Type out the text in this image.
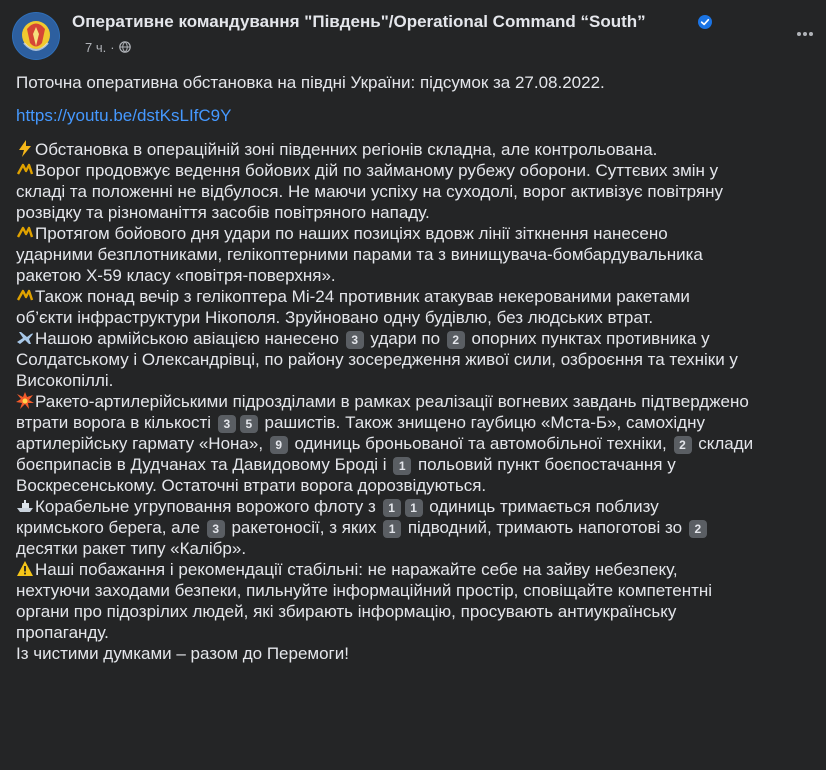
Оперативне командування "Південь"/Operational Command “South”
7 ч. ·

Поточна оперативна обстановка на півдні України: підсумок за 27.08.2022.

https://youtu.be/dstKsLIfC9Y

Обстановка в операційній зоні південних регіонів складна, але контрольована.
Ворог продовжує ведення бойових дій по займаному рубежу оборони. Суттєвих змін у
складі та положенні не відбулося. Не маючи успіху на суходолі, ворог активізує повітряну
розвідку та різноманіття засобів повітряного нападу.
Протягом бойового дня удари по наших позиціях вдовж лінії зіткнення нанесено
ударними безплотниками, гелікоптерними парами та з винищувача-бомбардувальника
ракетою Х-59 класу «повітря-поверхня».
Також понад вечір з гелікоптера Мі-24 противник атакував некерованими ракетами
об’єкти інфраструктури Нікополя. Зруйновано одну будівлю, без людських втрат.
Нашою армійською авіацією нанесено 3 удари по 2 опорних пунктах противника у
Солдатському і Олександрівці, по району зосередження живої сили, озброєння та техніки у
Високопіллі.
Ракето-артилерійськими підрозділами в рамках реалізації вогневих завдань підтверджено
втрати ворога в кількості 3 5 рашистів. Також знищено гаубицю «Мста-Б», самохідну
артилерійську гармату «Нона», 9 одиниць броньованої та автомобільної техніки, 2 склади
боєприпасів в Дудчанах та Давидовому Броді і 1 польовий пункт боєпостачання у
Воскресенському. Остаточні втрати ворога дорозвідуються.
Корабельне угруповання ворожого флоту з 1 1 одиниць тримається поблизу
кримського берега, але 3 ракетоносії, з яких 1 підводний, тримають напоготові зо 2
десятки ракет типу «Калібр».
Наші побажання і рекомендації стабільні: не наражайте себе на зайву небезпеку,
нехтуючи заходами безпеки, пильнуйте інформаційний простір, сповіщайте компетентні
органи про підозрілих людей, які збирають інформацію, просувають антиукраїнську
пропаганду.
Із чистими думками – разом до Перемоги!
